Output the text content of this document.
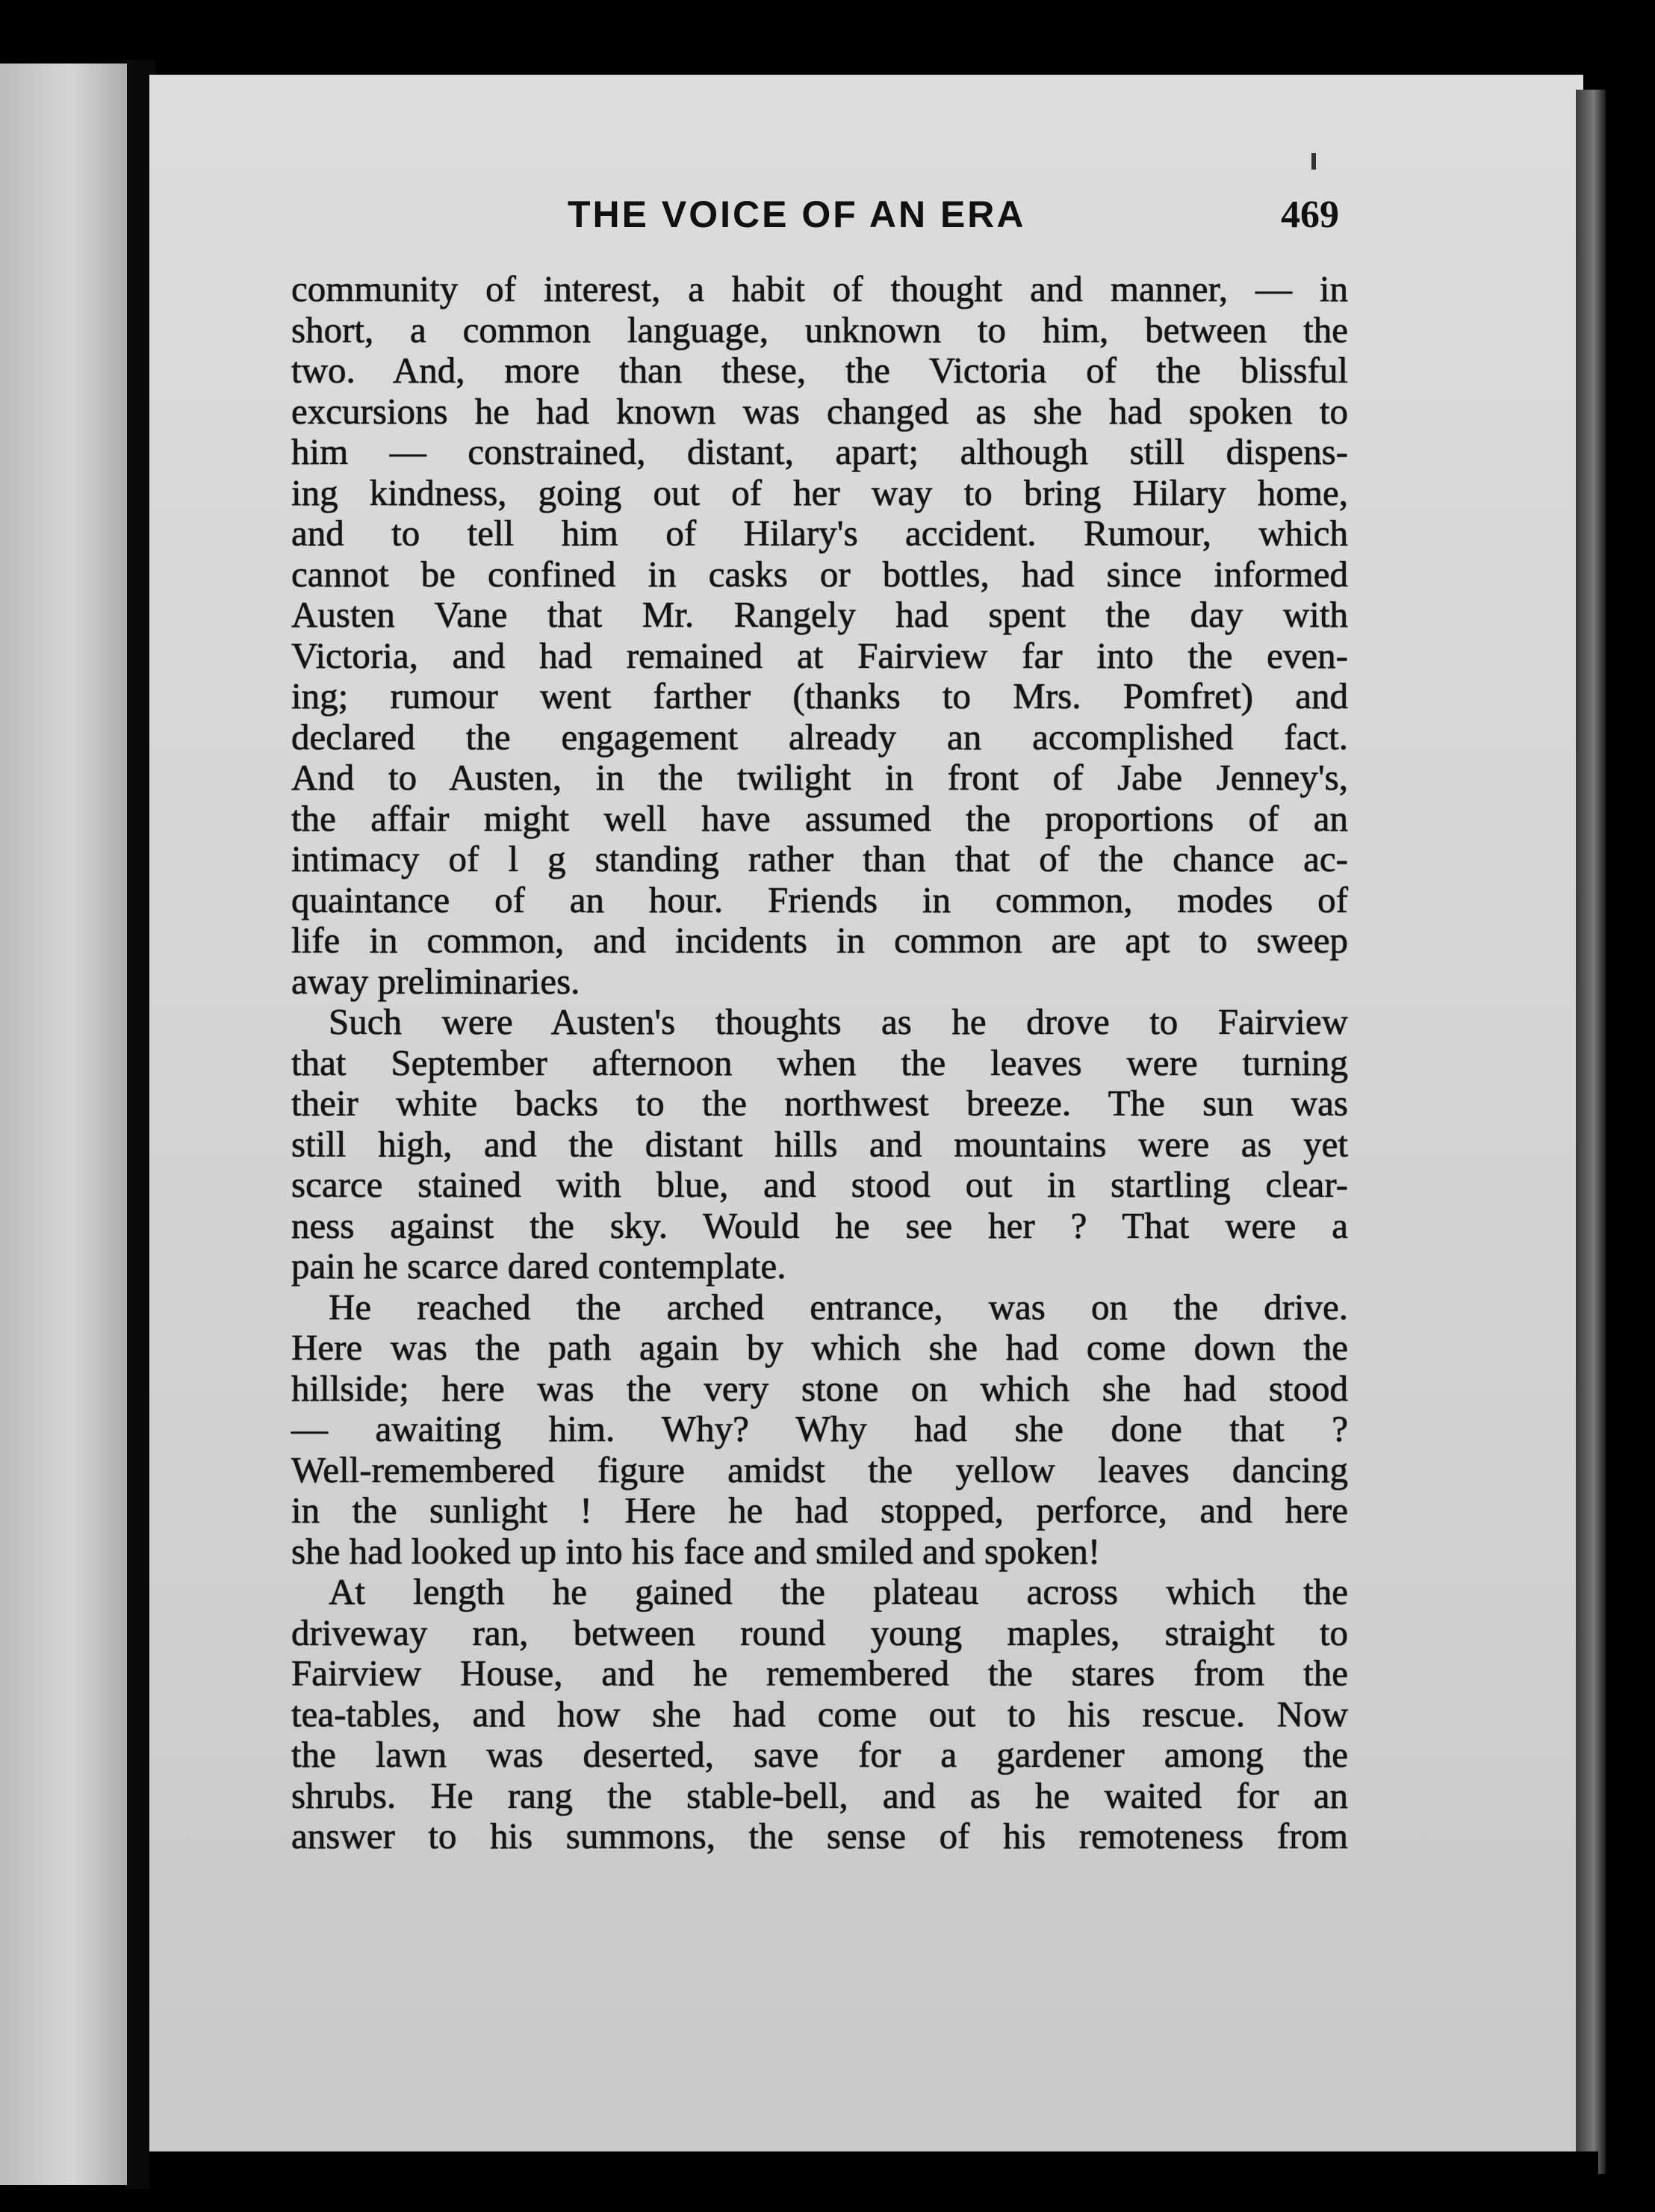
THE VOICE OF AN ERA	469
community of interest, a habit of thought and manner, — in
short, a common language, unknown to him, between the
two. And, more than these, the Victoria of the blissful
excursions he had known was changed as she had spoken to
him — constrained, distant, apart; although still dispens-
ing kindness, going out of her way to bring Hilary home,
and to tell him of Hilary's accident. Rumour, which
cannot be confined in casks or bottles, had since informed
Austen Vane that Mr. Rangely had spent the day with
Victoria, and had remained at Fairview far into the even-
ing; rumour went farther (thanks to Mrs. Pomfret) and
declared the engagement already an accomplished fact.
And to Austen, in the twilight in front of Jabe Jenney's,
the affair might well have assumed the proportions of an
intimacy of l g standing rather than that of the chance ac-
quaintance of an hour. Friends in common, modes of
life in common, and incidents in common are apt to sweep
away preliminaries.
Such were Austen's thoughts as he drove to Fairview
that September afternoon when the leaves were turning
their white backs to the northwest breeze. The sun was
still high, and the distant hills and mountains were as yet
scarce stained with blue, and stood out in startling clear-
ness against the sky. Would he see her ? That were a
pain he scarce dared contemplate.
He reached the arched entrance, was on the drive.
Here was the path again by which she had come down the
hillside; here was the very stone on which she had stood
— awaiting him. Why? Why had she done that ?
Well-remembered figure amidst the yellow leaves dancing
in the sunlight ! Here he had stopped, perforce, and here
she had looked up into his face and smiled and spoken!
At length he gained the plateau across which the
driveway ran, between round young maples, straight to
Fairview House, and he remembered the stares from the
tea-tables, and how she had come out to his rescue. Now
the lawn was deserted, save for a gardener among the
shrubs. He rang the stable-bell, and as he waited for an
answer to his summons, the sense of his remoteness from
